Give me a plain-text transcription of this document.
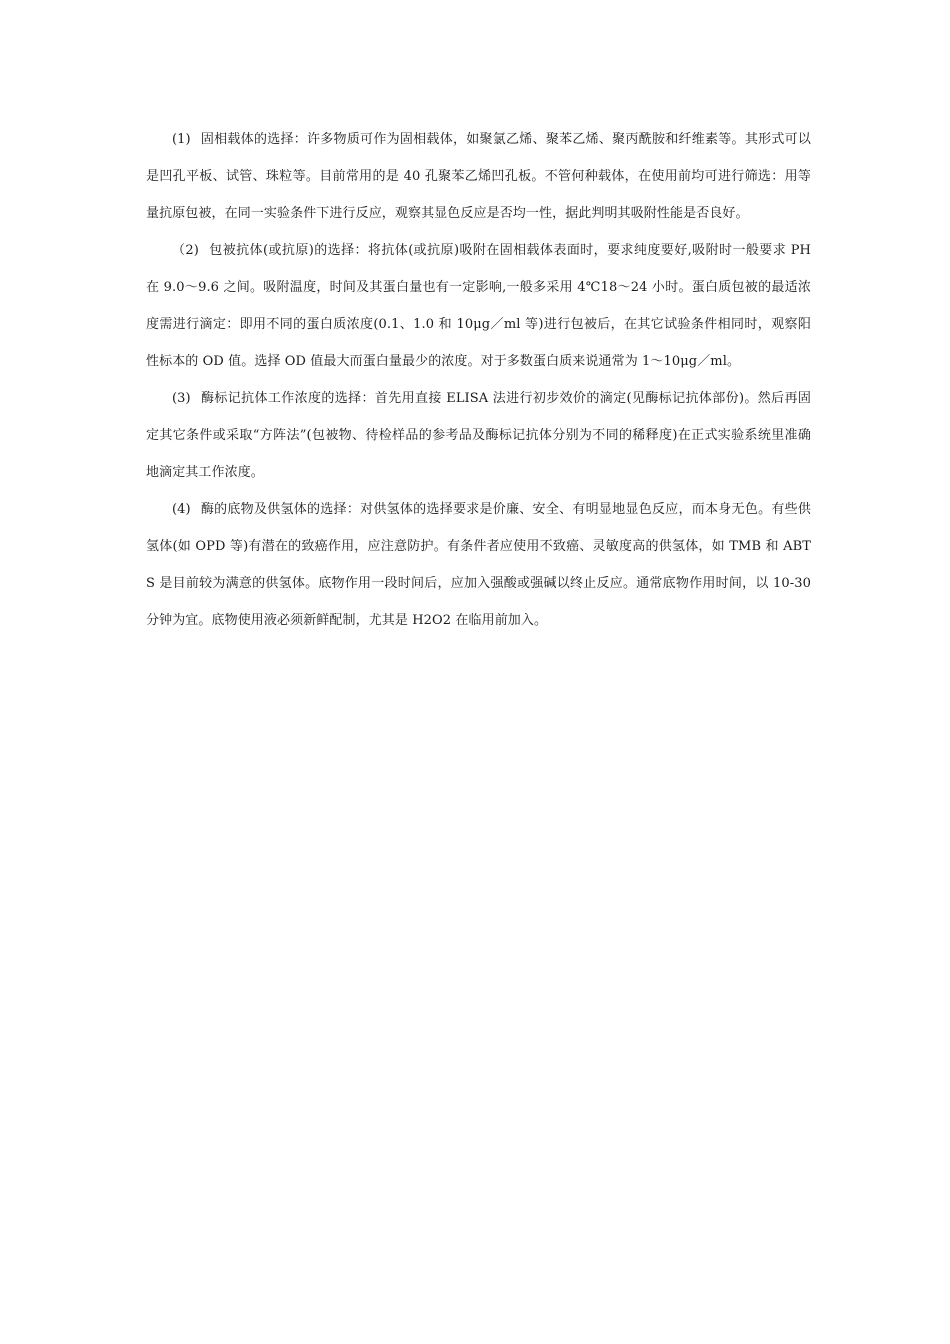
(1) 固相载体的选择：许多物质可作为固相载体，如聚氯乙烯、聚苯乙烯、聚丙酰胺和纤维素等。其形式可以是凹孔平板、试管、珠粒等。目前常用的是 40 孔聚苯乙烯凹孔板。不管何种载体，在使用前均可进行筛选：用等量抗原包被，在同一实验条件下进行反应，观察其显色反应是否均一性，据此判明其吸附性能是否良好。

（2) 包被抗体(或抗原)的选择：将抗体(或抗原)吸附在固相载体表面时，要求纯度要好,吸附时一般要求 PH 在 9.0～9.6 之间。吸附温度，时间及其蛋白量也有一定影响,一般多采用 4℃18～24 小时。蛋白质包被的最适浓度需进行滴定：即用不同的蛋白质浓度(0.1、1.0 和 10μg／ml 等)进行包被后，在其它试验条件相同时，观察阳性标本的 OD 值。选择 OD 值最大而蛋白量最少的浓度。对于多数蛋白质来说通常为 1～10μg／ml。

(3) 酶标记抗体工作浓度的选择：首先用直接 ELISA 法进行初步效价的滴定(见酶标记抗体部份)。然后再固定其它条件或采取“方阵法”(包被物、待检样品的参考品及酶标记抗体分别为不同的稀释度)在正式实验系统里准确地滴定其工作浓度。

(4) 酶的底物及供氢体的选择：对供氢体的选择要求是价廉、安全、有明显地显色反应，而本身无色。有些供氢体(如 OPD 等)有潜在的致癌作用，应注意防护。有条件者应使用不致癌、灵敏度高的供氢体，如 TMB 和 ABTS 是目前较为满意的供氢体。底物作用一段时间后，应加入强酸或强碱以终止反应。通常底物作用时间，以 10-30 分钟为宜。底物使用液必须新鲜配制，尤其是 H2O2 在临用前加入。
